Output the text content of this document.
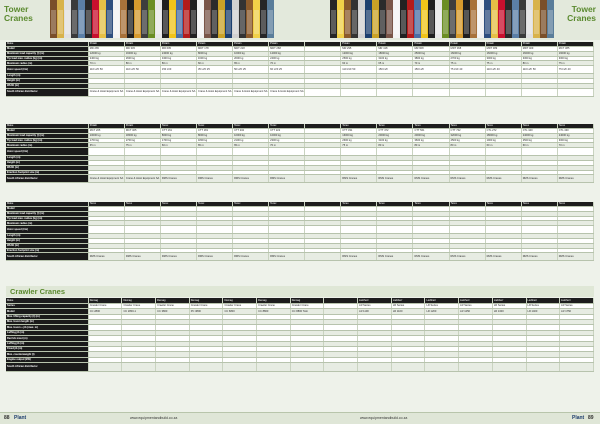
Tower
Cranes
Tower
Cranes
Make	Potain	Potain	Potain	Potain	Potain	Potain		Potain	Potain	Potain	Potain	Potain	Potain	Potain
Model	MD 265	MD 345	MR 605	MDT 178	MDT 218	MDT 268		MR 295	MR 418	MR 608	MDT 368	MDT 389	MDT 409	MCT 385
Maximum load capacity (t) (m)	12000 kg	16000 kg	24000 kg	8000 kg	10000 kg	12000 kg		12000 kg	18000 kg	25000 kg	16000 kg	16000 kg	16000 kg	16000 kg
Tip load max. radius (kg) (m)	2400 kg	2600 kg	3400 kg	1600 kg	2000 kg	2400 kg		2500 kg	3100 kg	3800 kg	2700 kg	3000 kg	3300 kg	3000 kg
Maximum radius (m)	70 m	80 m	80 m	60 m	65 m	70 m		60 m	65 m	70 m	75 m	75 m	80 m	75 m
Hoist speed (t/m)	110 LVF 50	110 LVF 50	150 LVF	35 LVF 25	50 LVF 25	60 LVF 25		110 LVF 50	150 LVF	150 LVF	75 LVF 40	110 LVF 40	110 LVF 50	75 LVF 40
Length (m)														
Height (m)														
Width (m)														
South African distributor	Crane & Hoist Equipment SA	Crane & Hoist Equipment SA	Crane & Hoist Equipment SA	Crane & Hoist Equipment SA	Crane & Hoist Equipment SA	Crane & Hoist Equipment SA								
Make	Potain	Potain	Terex	Terex	Terex	Terex		Terex	Terex	Terex	Terex	Terex	Terex	Terex
Model	MCT 205	MCT 325	CTT 161	CTT 181	CTT 202	CTT 222		CTT 331	CTT 472	CTT 561	CTT 702	CTL 272	CTL 340	CTL 430
Maximum load capacity (t) (m)	10000 kg	18000 kg	8000 kg	8000 kg	10000 kg	10000 kg		16000 kg	20000 kg	20000 kg	32000 kg	18000 kg	24000 kg	24000 kg
Tip load max. radius (kg) (m)	1700 kg	2700 kg	1700 kg	1800 kg	2100 kg	2300 kg		2600 kg	3100 kg	3600 kg	4500 kg	1900 kg	2500 kg	3000 kg
Maximum radius (m)	65 m	75 m	60 m	65 m	65 m	70 m		75 m	80 m	80 m	80 m	60 m	60 m	70 m
Hoist speed (t/m)														
Length (m)														
Height (m)														
Width (m)														
Erection footprint size (m)														
South African distributor	Crane & Hoist Equipment SA	Crane & Hoist Equipment SA	RMS Cranes	RMS Cranes	RMS Cranes	RMS Cranes		RMS Cranes	RMS Cranes	RMS Cranes	RMS Cranes	RMS Cranes	RMS Cranes	RMS Cranes
Make	Terex	Terex	Terex	Terex	Terex	Terex		Terex	Terex	Terex	Terex	Terex	Terex	Terex
Model														
Maximum load capacity (t) (m)														
Tip load max. radius (kg) (m)														
Maximum radius (m)														
Hoist speed (t/m)														
Length (m)														
Height (m)														
Width (m)														
Erection footprint size (m)														
South African distributor	RMS Cranes	RMS Cranes	RMS Cranes	RMS Cranes	RMS Cranes	RMS Cranes		RMS Cranes	RMS Cranes	RMS Cranes	RMS Cranes	RMS Cranes	RMS Cranes	RMS Cranes
Crawler Cranes
Make	Demag	Demag	Demag	Demag	Demag	Demag	Demag		Liebherr	Liebherr	Liebherr	Liebherr	Liebherr	Liebherr	Liebherr
Series	Crawler Crane	Crawler Crane	Crawler Crane	Crawler Crane	Crawler Crane	Crawler Crane	Crawler Crane		LR Series	LR Series	LR Series	LR Series	LR Series	LR Series	LR Series
Model	CC 2800	CC 2800-1	CC 3800	PC 3800	CC 6800	CC 8800	CC 8800 Twin		LR 1100	LR 1160	LR 1200	LR 1250	LR 1300	LR 1400	LR 1750
Max. lifting capacity (t) (m)															
Max. boom length (m)															
Max. boom + jib (max. m)															
Luffing jib (m)															
Derrick mast (m)															
Luffing jib (m)															
Fixed jib (m)															
Max. counterweight (t)															
Engine output (kW)															
South African distributor															
88 Plant	www.equipmentandbuild.co.za	www.equipmentandbuild.co.za	Plant 89
